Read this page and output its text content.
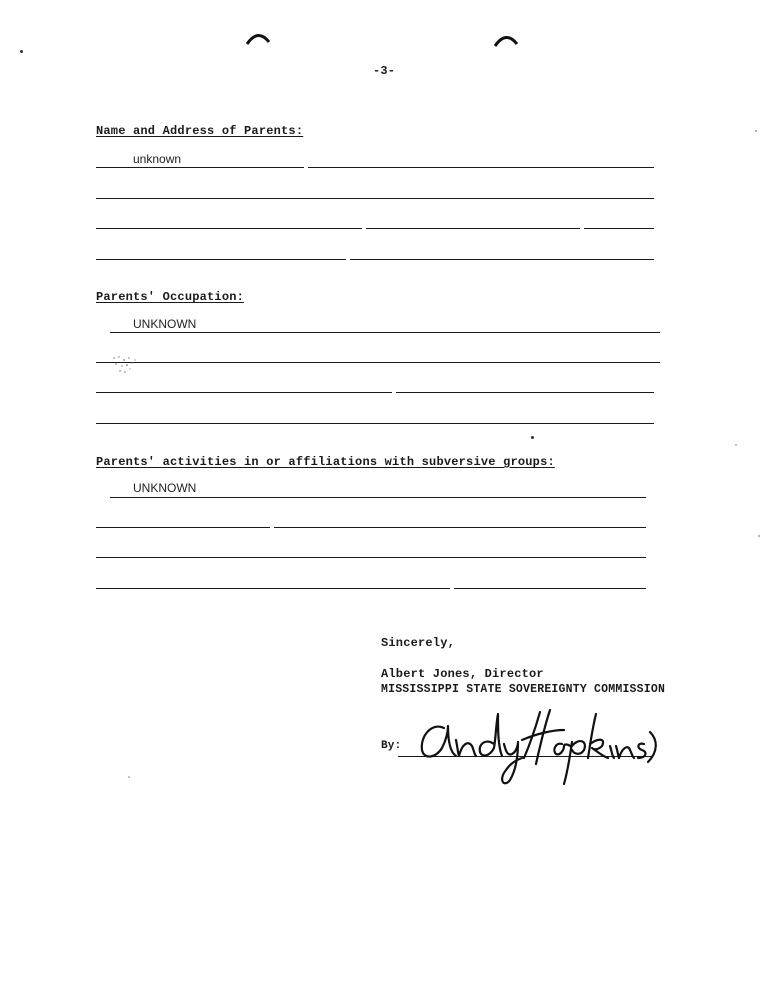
-3-
Name and Address of Parents:
unknown
Parents' Occupation:
UNKNOWN
Parents' activities in or affiliations with subversive groups:
UNKNOWN
Sincerely,
Albert Jones, Director
MISSISSIPPI STATE SOVEREIGNTY COMMISSION
By:
Andy Hopkins
